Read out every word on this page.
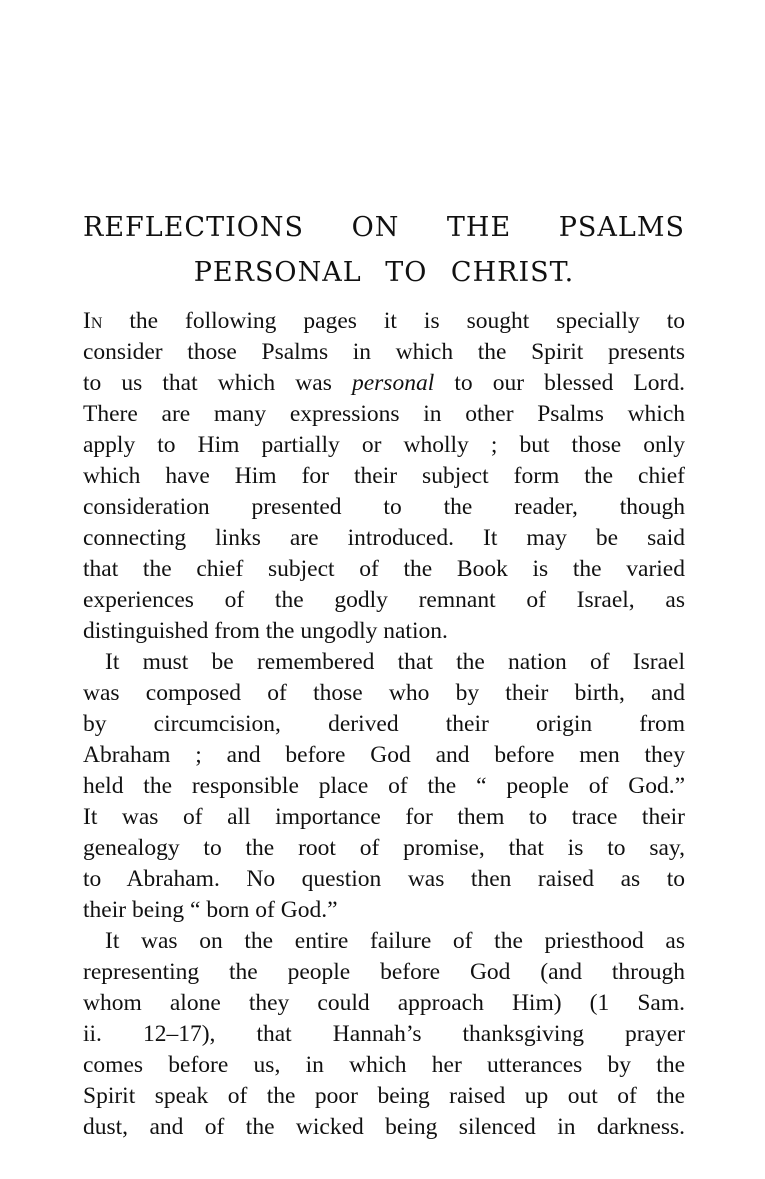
REFLECTIONS ON THE PSALMS
PERSONAL TO CHRIST.
In the following pages it is sought specially to
consider those Psalms in which the Spirit presents
to us that which was personal to our blessed Lord.
There are many expressions in other Psalms which
apply to Him partially or wholly ; but those only
which have Him for their subject form the chief
consideration presented to the reader, though
connecting links are introduced. It may be said
that the chief subject of the Book is the varied
experiences of the godly remnant of Israel, as
distinguished from the ungodly nation.
It must be remembered that the nation of Israel
was composed of those who by their birth, and
by circumcision, derived their origin from
Abraham ; and before God and before men they
held the responsible place of the “ people of God.”
It was of all importance for them to trace their
genealogy to the root of promise, that is to say,
to Abraham. No question was then raised as to
their being “ born of God.”
It was on the entire failure of the priesthood as
representing the people before God (and through
whom alone they could approach Him) (1 Sam.
ii. 12–17), that Hannah’s thanksgiving prayer
comes before us, in which her utterances by the
Spirit speak of the poor being raised up out of the
dust, and of the wicked being silenced in darkness.
